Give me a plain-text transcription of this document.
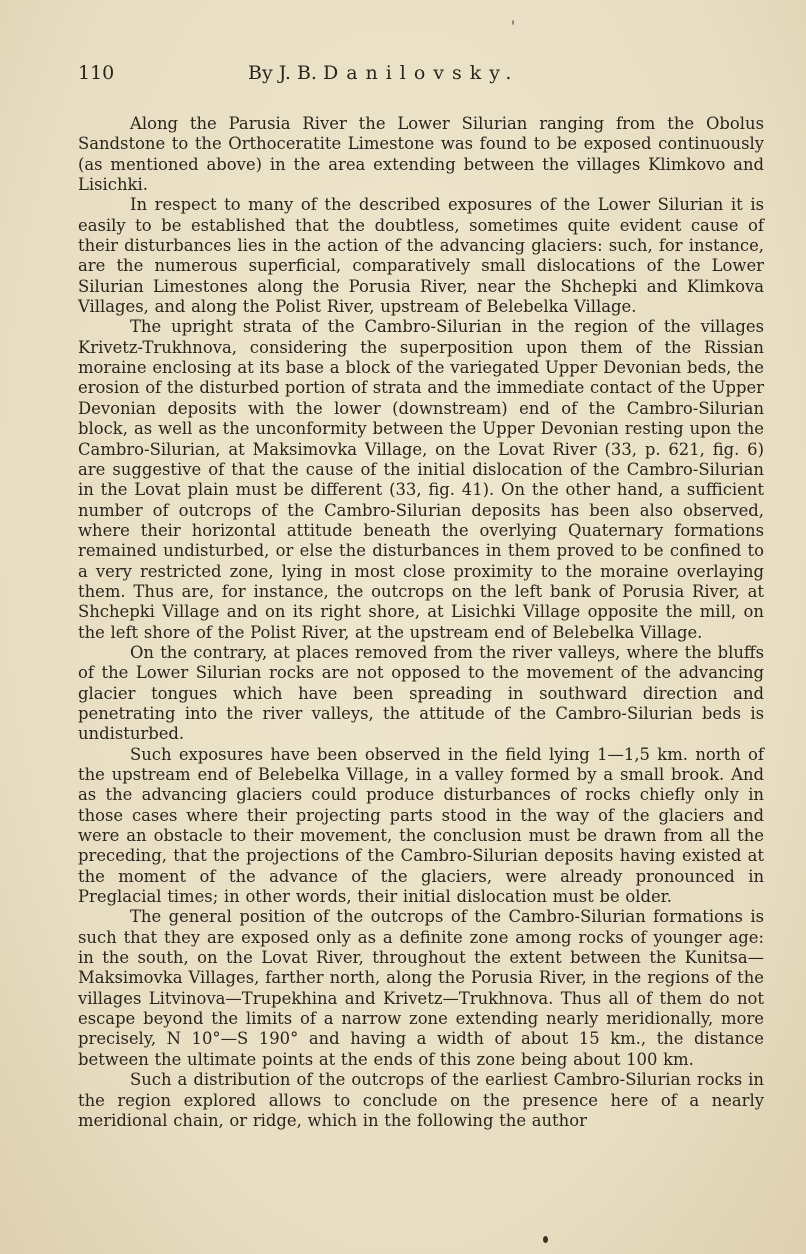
110	By J. B. Danilovsky.

Along the Parusia River the Lower Silurian ranging from the Obolus Sandstone to the Orthoceratite Limestone was found to be exposed continuously (as mentioned above) in the area extending between the villages Klimkovo and Lisichki.

In respect to many of the described exposures of the Lower Silurian it is easily to be established that the doubtless, sometimes quite evident cause of their disturbances lies in the action of the advancing glaciers: such, for instance, are the numerous superficial, comparatively small dislocations of the Lower Silurian Limestones along the Porusia River, near the Shchepki and Klimkova Villages, and along the Polist River, upstream of Belebelka Village.

The upright strata of the Cambro-Silurian in the region of the villages Krivetz-Trukhnova, considering the superposition upon them of the Rissian moraine enclosing at its base a block of the variegated Upper Devonian beds, the erosion of the disturbed portion of strata and the immediate contact of the Upper Devonian deposits with the lower (downstream) end of the Cambro-Silurian block, as well as the unconformity between the Upper Devonian resting upon the Cambro-Silurian, at Maksimovka Village, on the Lovat River (33, p. 621, fig. 6) are suggestive of that the cause of the initial dislocation of the Cambro-Silurian in the Lovat plain must be different (33, fig. 41). On the other hand, a sufficient number of outcrops of the Cambro-Silurian deposits has been also observed, where their horizontal attitude beneath the overlying Quaternary formations remained undisturbed, or else the disturbances in them proved to be confined to a very restricted zone, lying in most close proximity to the moraine overlaying them. Thus are, for instance, the outcrops on the left bank of Porusia River, at Shchepki Village and on its right shore, at Lisichki Village opposite the mill, on the left shore of the Polist River, at the upstream end of Belebelka Village.

On the contrary, at places removed from the river valleys, where the bluffs of the Lower Silurian rocks are not opposed to the movement of the advancing glacier tongues which have been spreading in southward direction and penetrating into the river valleys, the attitude of the Cambro-Silurian beds is undisturbed.

Such exposures have been observed in the field lying 1—1,5 km. north of the upstream end of Belebelka Village, in a valley formed by a small brook. And as the advancing glaciers could produce disturbances of rocks chiefly only in those cases where their projecting parts stood in the way of the glaciers and were an obstacle to their movement, the conclusion must be drawn from all the preceding, that the projections of the Cambro-Silurian deposits having existed at the moment of the advance of the glaciers, were already pronounced in Preglacial times; in other words, their initial dislocation must be older.

The general position of the outcrops of the Cambro-Silurian formations is such that they are exposed only as a definite zone among rocks of younger age: in the south, on the Lovat River, throughout the extent between the Kunitsa—Maksimovka Villages, farther north, along the Porusia River, in the regions of the villages Litvinova—Trupekhina and Krivetz—Trukhnova. Thus all of them do not escape beyond the limits of a narrow zone extending nearly meridionally, more precisely, N 10°—S 190° and having a width of about 15 km., the distance between the ultimate points at the ends of this zone being about 100 km.

Such a distribution of the outcrops of the earliest Cambro-Silurian rocks in the region explored allows to conclude on the presence here of a nearly meridional chain, or ridge, which in the following the author
